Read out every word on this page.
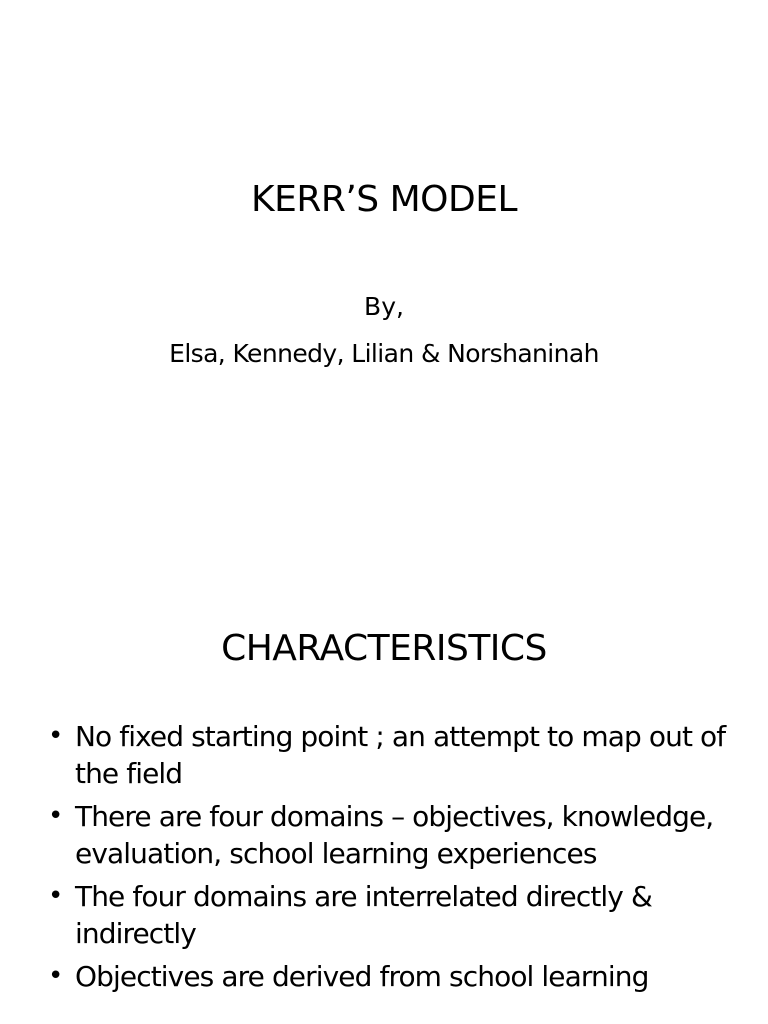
KERR’S MODEL
By,
Elsa, Kennedy, Lilian & Norshaninah
CHARACTERISTICS
• No fixed starting point ; an attempt to map out of the field
• There are four domains – objectives, knowledge, evaluation, school learning experiences
• The four domains are interrelated directly & indirectly
• Objectives are derived from school learning
